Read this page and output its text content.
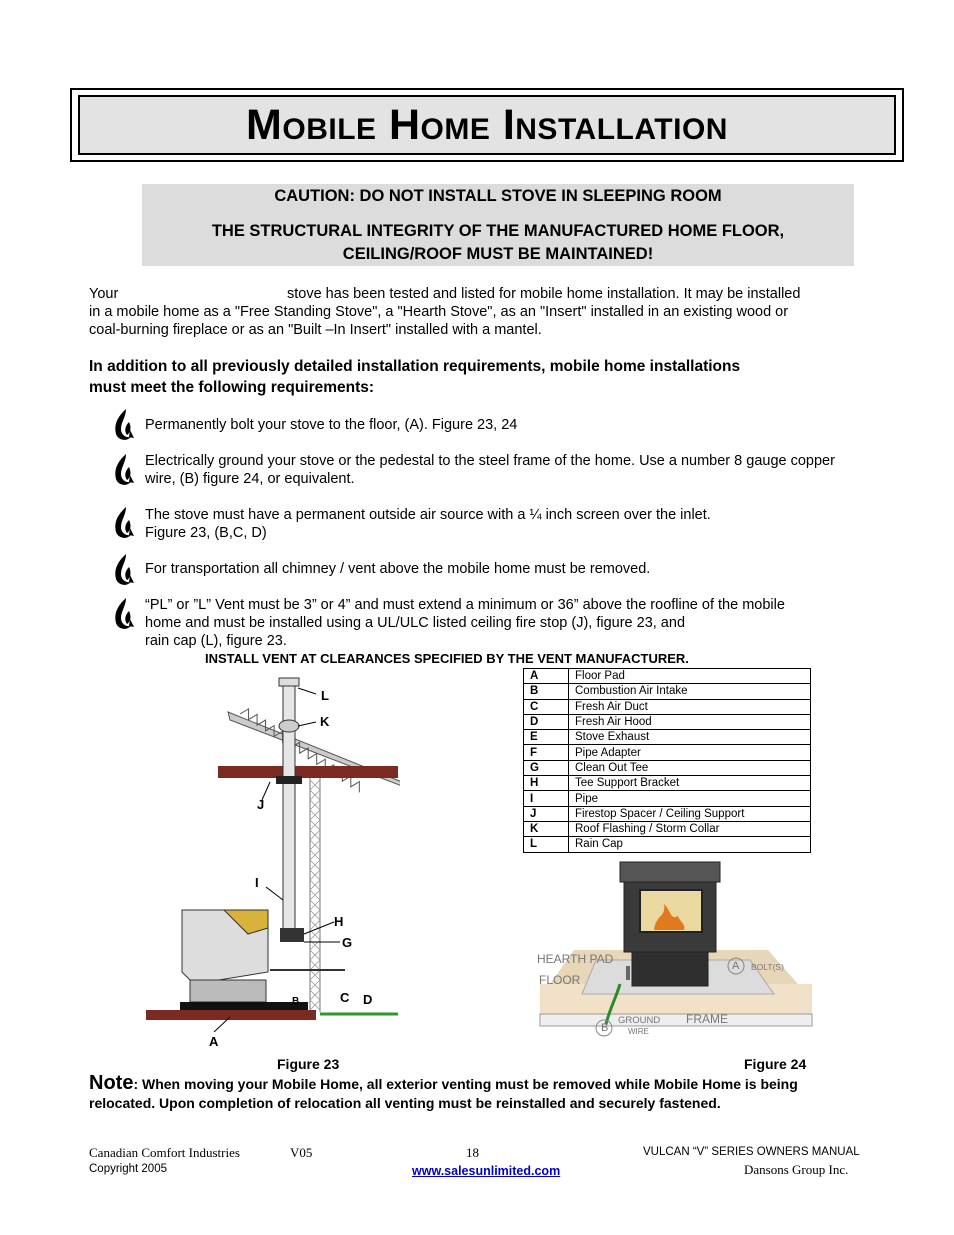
Mobile Home Installation
CAUTION: DO NOT INSTALL STOVE IN SLEEPING ROOM
THE STRUCTURAL INTEGRITY OF THE MANUFACTURED HOME FLOOR,
CEILING/ROOF MUST BE MAINTAINED!
Your	stove has been tested and listed for mobile home installation. It may be installed
in a mobile home as a "Free Standing Stove", a "Hearth Stove", as an "Insert" installed in an existing wood or
coal-burning fireplace or as an "Built –In Insert" installed with a mantel.
In addition to all previously detailed installation requirements, mobile home installations
must meet the following requirements:
Permanently bolt your stove to the floor, (A). Figure 23, 24
Electrically ground your stove or the pedestal to the steel frame of the home. Use a number 8 gauge copper
wire, (B) figure 24, or equivalent.
The stove must have a permanent outside air source with a ¼ inch screen over the inlet.
Figure 23, (B,C, D)
For transportation all chimney / vent above the mobile home must be removed.
“PL” or ”L” Vent must be 3” or 4” and must extend a minimum or 36” above the roofline of the mobile
home and must be installed using a UL/ULC listed ceiling fire stop (J), figure 23, and
rain cap (L), figure 23.
INSTALL VENT AT CLEARANCES SPECIFIED BY THE VENT MANUFACTURER.
A	Floor Pad
B	Combustion Air Intake
C	Fresh Air Duct
D	Fresh Air Hood
E	Stove Exhaust
F	Pipe Adapter
G	Clean Out Tee
H	Tee Support Bracket
I	Pipe
J	Firestop Spacer / Ceiling Support
K	Roof Flashing / Storm Collar
L	Rain Cap
L
K
J
I
H
G
C D
B
A
HEARTH PAD
FLOOR
FRAME
GROUND
WIRE
BOLT(S)
A
B
Figure 23	Figure 24
Note: When moving your Mobile Home, all exterior venting must be removed while Mobile Home is being relocated. Upon completion of relocation all venting must be reinstalled and securely fastened.
Canadian Comfort Industries	V05	18	VULCAN “V” SERIES OWNERS MANUAL
Copyright 2005	www.salesunlimited.com	Dansons Group Inc.
